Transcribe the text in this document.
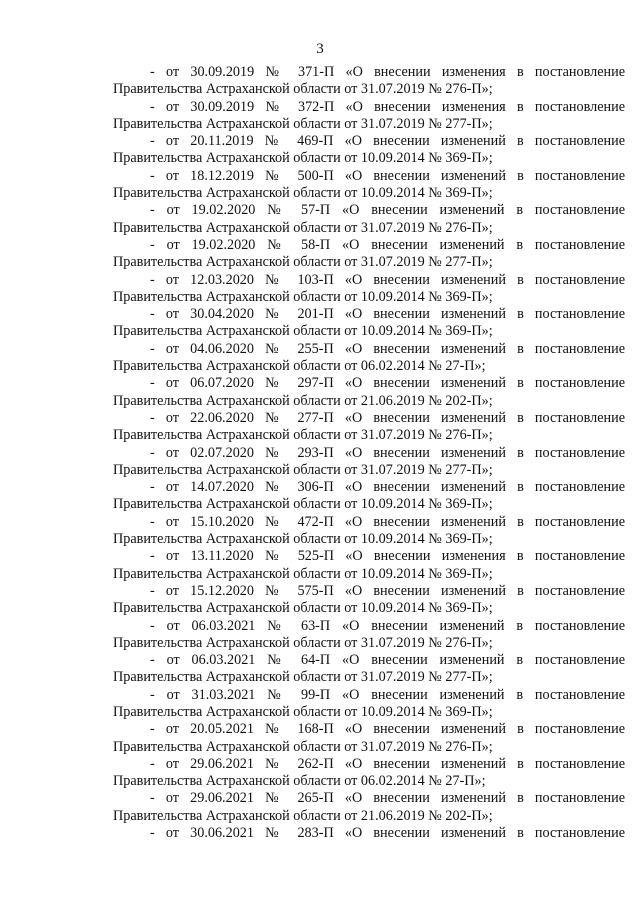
3
- от 30.09.2019 № 371-П «О внесении изменения в постановление
Правительства Астраханской области от 31.07.2019 № 276-П»;
- от 30.09.2019 № 372-П «О внесении изменения в постановление
Правительства Астраханской области от 31.07.2019 № 277-П»;
- от 20.11.2019 № 469-П «О внесении изменений в постановление
Правительства Астраханской области от 10.09.2014 № 369-П»;
- от 18.12.2019 № 500-П «О внесении изменений в постановление
Правительства Астраханской области от 10.09.2014 № 369-П»;
- от 19.02.2020 № 57-П «О внесении изменений в постановление
Правительства Астраханской области от 31.07.2019 № 276-П»;
- от 19.02.2020 № 58-П «О внесении изменений в постановление
Правительства Астраханской области от 31.07.2019 № 277-П»;
- от 12.03.2020 № 103-П «О внесении изменений в постановление
Правительства Астраханской области от 10.09.2014 № 369-П»;
- от 30.04.2020 № 201-П «О внесении изменений в постановление
Правительства Астраханской области от 10.09.2014 № 369-П»;
- от 04.06.2020 № 255-П «О внесении изменений в постановление
Правительства Астраханской области от 06.02.2014 № 27-П»;
- от 06.07.2020 № 297-П «О внесении изменений в постановление
Правительства Астраханской области от 21.06.2019 № 202-П»;
- от 22.06.2020 № 277-П «О внесении изменений в постановление
Правительства Астраханской области от 31.07.2019 № 276-П»;
- от 02.07.2020 № 293-П «О внесении изменений в постановление
Правительства Астраханской области от 31.07.2019 № 277-П»;
- от 14.07.2020 № 306-П «О внесении изменений в постановление
Правительства Астраханской области от 10.09.2014 № 369-П»;
- от 15.10.2020 № 472-П «О внесении изменений в постановление
Правительства Астраханской области от 10.09.2014 № 369-П»;
- от 13.11.2020 № 525-П «О внесении изменения в постановление
Правительства Астраханской области от 10.09.2014 № 369-П»;
- от 15.12.2020 № 575-П «О внесении изменений в постановление
Правительства Астраханской области от 10.09.2014 № 369-П»;
- от 06.03.2021 № 63-П «О внесении изменений в постановление
Правительства Астраханской области от 31.07.2019 № 276-П»;
- от 06.03.2021 № 64-П «О внесении изменений в постановление
Правительства Астраханской области от 31.07.2019 № 277-П»;
- от 31.03.2021 № 99-П «О внесении изменений в постановление
Правительства Астраханской области от 10.09.2014 № 369-П»;
- от 20.05.2021 № 168-П «О внесении изменений в постановление
Правительства Астраханской области от 31.07.2019 № 276-П»;
- от 29.06.2021 № 262-П «О внесении изменений в постановление
Правительства Астраханской области от 06.02.2014 № 27-П»;
- от 29.06.2021 № 265-П «О внесении изменений в постановление
Правительства Астраханской области от 21.06.2019 № 202-П»;
- от 30.06.2021 № 283-П «О внесении изменений в постановление
